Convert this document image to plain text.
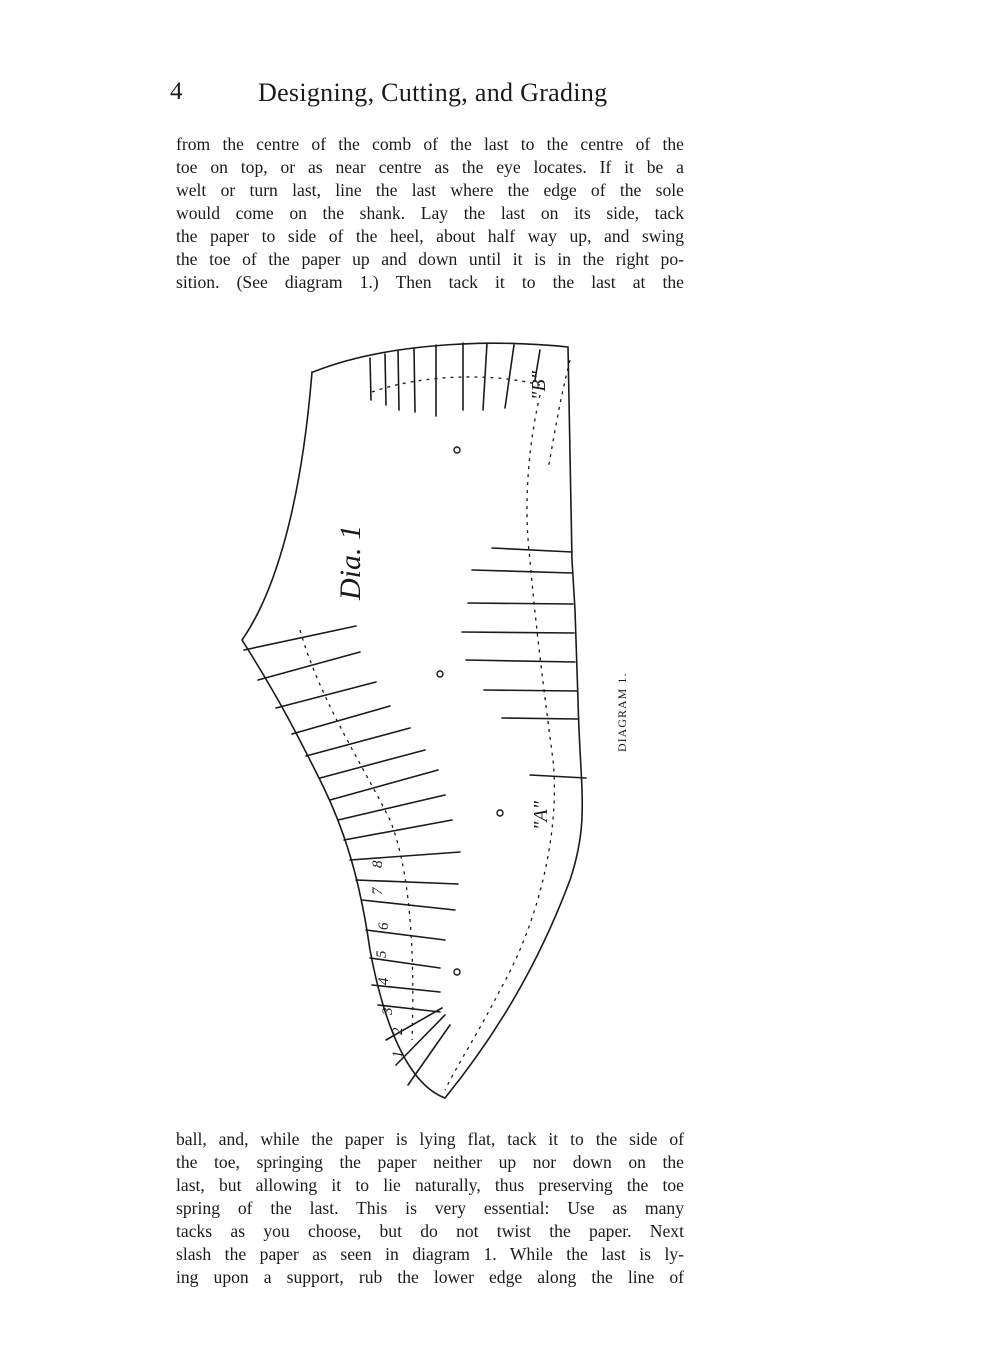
4	Designing, Cutting, and Grading
from the centre of the comb of the last to the centre of the
toe on top, or as near centre as the eye locates. If it be a
welt or turn last, line the last where the edge of the sole
would come on the shank. Lay the last on its side, tack
the paper to side of the heel, about half way up, and swing
the toe of the paper up and down until it is in the right po-
sition. (See diagram 1.) Then tack it to the last at the
Dia. 1
"B"
"A"
1
2
3
4
5
6
7
8
DIAGRAM 1.
ball, and, while the paper is lying flat, tack it to the side of
the toe, springing the paper neither up nor down on the
last, but allowing it to lie naturally, thus preserving the toe
spring of the last. This is very essential: Use as many
tacks as you choose, but do not twist the paper. Next
slash the paper as seen in diagram 1. While the last is ly-
ing upon a support, rub the lower edge along the line of
